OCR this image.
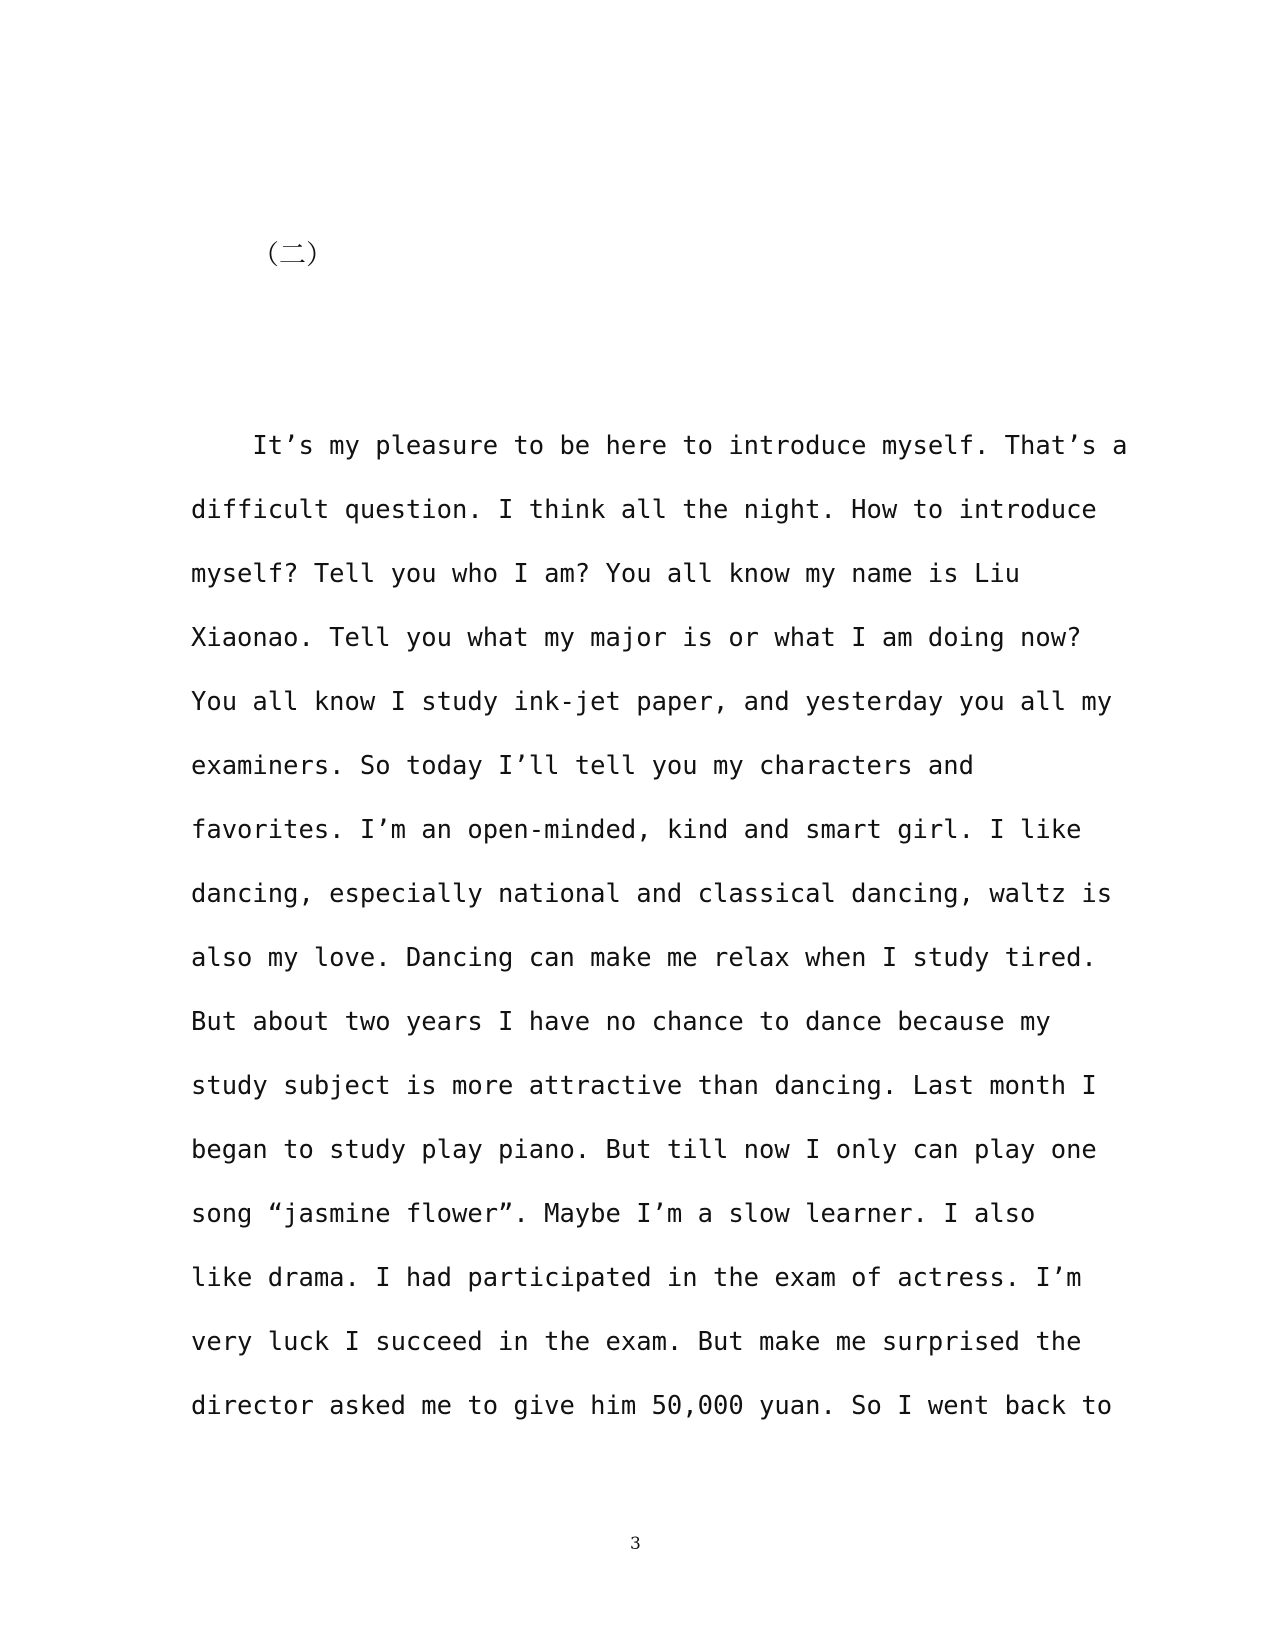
（二）
It’s my pleasure to be here to introduce myself. That’s a
difficult question. I think all the night. How to introduce
myself? Tell you who I am? You all know my name is Liu
Xiaonao. Tell you what my major is or what I am doing now?
You all know I study ink-jet paper, and yesterday you all my
examiners. So today I’ll tell you my characters and
favorites. I’m an open-minded, kind and smart girl. I like
dancing, especially national and classical dancing, waltz is
also my love. Dancing can make me relax when I study tired.
But about two years I have no chance to dance because my
study subject is more attractive than dancing. Last month I
began to study play piano. But till now I only can play one
song “jasmine flower”. Maybe I’m a slow learner. I also
like drama. I had participated in the exam of actress. I’m
very luck I succeed in the exam. But make me surprised the
director asked me to give him 50,000 yuan. So I went back to
3
